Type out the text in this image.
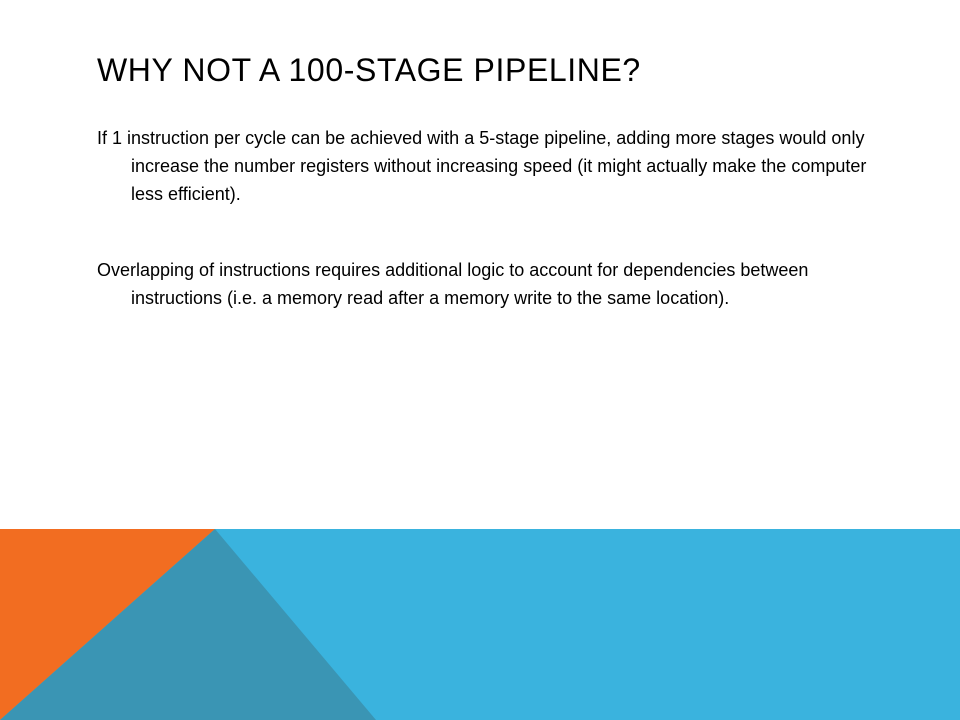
WHY NOT A 100-STAGE PIPELINE?

If 1 instruction per cycle can be achieved with a 5-stage pipeline, adding more stages would only increase the number registers without increasing speed (it might actually make the computer less efficient).

Overlapping of instructions requires additional logic to account for dependencies between instructions (i.e. a memory read after a memory write to the same location).
